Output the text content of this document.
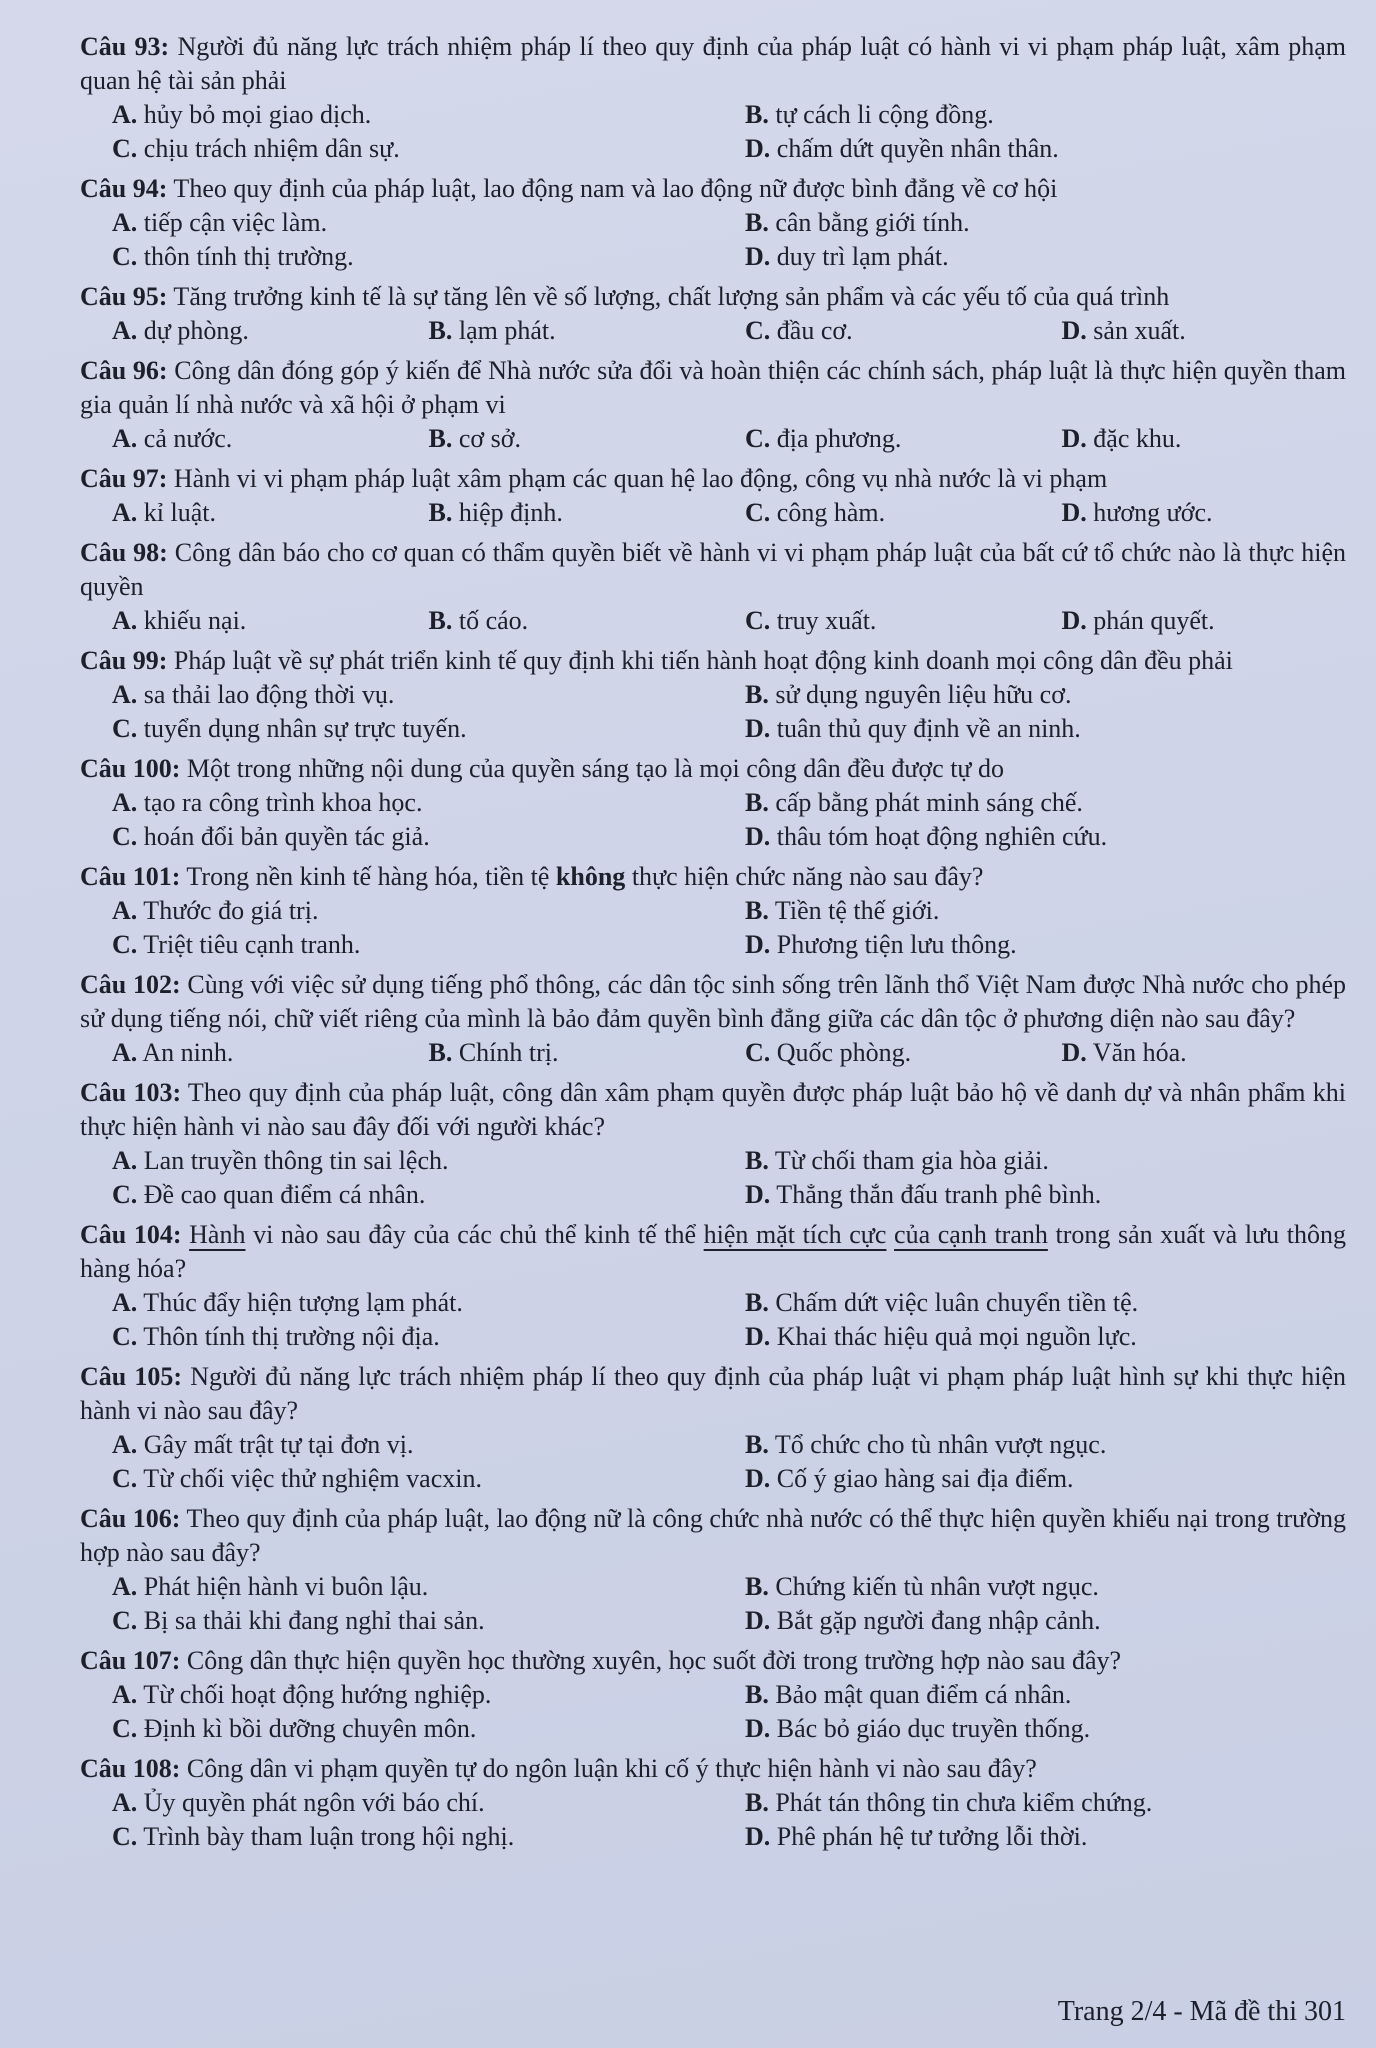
Câu 93: Người đủ năng lực trách nhiệm pháp lí theo quy định của pháp luật có hành vi vi phạm pháp luật, xâm phạm quan hệ tài sản phải
A. hủy bỏ mọi giao dịch.	B. tự cách li cộng đồng.
C. chịu trách nhiệm dân sự.	D. chấm dứt quyền nhân thân.
Câu 94: Theo quy định của pháp luật, lao động nam và lao động nữ được bình đẳng về cơ hội
A. tiếp cận việc làm.	B. cân bằng giới tính.
C. thôn tính thị trường.	D. duy trì lạm phát.
Câu 95: Tăng trưởng kinh tế là sự tăng lên về số lượng, chất lượng sản phẩm và các yếu tố của quá trình
A. dự phòng.	B. lạm phát.	C. đầu cơ.	D. sản xuất.
Câu 96: Công dân đóng góp ý kiến để Nhà nước sửa đổi và hoàn thiện các chính sách, pháp luật là thực hiện quyền tham gia quản lí nhà nước và xã hội ở phạm vi
A. cả nước.	B. cơ sở.	C. địa phương.	D. đặc khu.
Câu 97: Hành vi vi phạm pháp luật xâm phạm các quan hệ lao động, công vụ nhà nước là vi phạm
A. kỉ luật.	B. hiệp định.	C. công hàm.	D. hương ước.
Câu 98: Công dân báo cho cơ quan có thẩm quyền biết về hành vi vi phạm pháp luật của bất cứ tổ chức nào là thực hiện quyền
A. khiếu nại.	B. tố cáo.	C. truy xuất.	D. phán quyết.
Câu 99: Pháp luật về sự phát triển kinh tế quy định khi tiến hành hoạt động kinh doanh mọi công dân đều phải
A. sa thải lao động thời vụ.	B. sử dụng nguyên liệu hữu cơ.
C. tuyển dụng nhân sự trực tuyến.	D. tuân thủ quy định về an ninh.
Câu 100: Một trong những nội dung của quyền sáng tạo là mọi công dân đều được tự do
A. tạo ra công trình khoa học.	B. cấp bằng phát minh sáng chế.
C. hoán đổi bản quyền tác giả.	D. thâu tóm hoạt động nghiên cứu.
Câu 101: Trong nền kinh tế hàng hóa, tiền tệ không thực hiện chức năng nào sau đây?
A. Thước đo giá trị.	B. Tiền tệ thế giới.
C. Triệt tiêu cạnh tranh.	D. Phương tiện lưu thông.
Câu 102: Cùng với việc sử dụng tiếng phổ thông, các dân tộc sinh sống trên lãnh thổ Việt Nam được Nhà nước cho phép sử dụng tiếng nói, chữ viết riêng của mình là bảo đảm quyền bình đẳng giữa các dân tộc ở phương diện nào sau đây?
A. An ninh.	B. Chính trị.	C. Quốc phòng.	D. Văn hóa.
Câu 103: Theo quy định của pháp luật, công dân xâm phạm quyền được pháp luật bảo hộ về danh dự và nhân phẩm khi thực hiện hành vi nào sau đây đối với người khác?
A. Lan truyền thông tin sai lệch.	B. Từ chối tham gia hòa giải.
C. Đề cao quan điểm cá nhân.	D. Thẳng thắn đấu tranh phê bình.
Câu 104: Hành vi nào sau đây của các chủ thể kinh tế thể hiện mặt tích cực của cạnh tranh trong sản xuất và lưu thông hàng hóa?
A. Thúc đẩy hiện tượng lạm phát.	B. Chấm dứt việc luân chuyển tiền tệ.
C. Thôn tính thị trường nội địa.	D. Khai thác hiệu quả mọi nguồn lực.
Câu 105: Người đủ năng lực trách nhiệm pháp lí theo quy định của pháp luật vi phạm pháp luật hình sự khi thực hiện hành vi nào sau đây?
A. Gây mất trật tự tại đơn vị.	B. Tổ chức cho tù nhân vượt ngục.
C. Từ chối việc thử nghiệm vacxin.	D. Cố ý giao hàng sai địa điểm.
Câu 106: Theo quy định của pháp luật, lao động nữ là công chức nhà nước có thể thực hiện quyền khiếu nại trong trường hợp nào sau đây?
A. Phát hiện hành vi buôn lậu.	B. Chứng kiến tù nhân vượt ngục.
C. Bị sa thải khi đang nghỉ thai sản.	D. Bắt gặp người đang nhập cảnh.
Câu 107: Công dân thực hiện quyền học thường xuyên, học suốt đời trong trường hợp nào sau đây?
A. Từ chối hoạt động hướng nghiệp.	B. Bảo mật quan điểm cá nhân.
C. Định kì bồi dưỡng chuyên môn.	D. Bác bỏ giáo dục truyền thống.
Câu 108: Công dân vi phạm quyền tự do ngôn luận khi cố ý thực hiện hành vi nào sau đây?
A. Ủy quyền phát ngôn với báo chí.	B. Phát tán thông tin chưa kiểm chứng.
C. Trình bày tham luận trong hội nghị.	D. Phê phán hệ tư tưởng lỗi thời.
Trang 2/4 - Mã đề thi 301
